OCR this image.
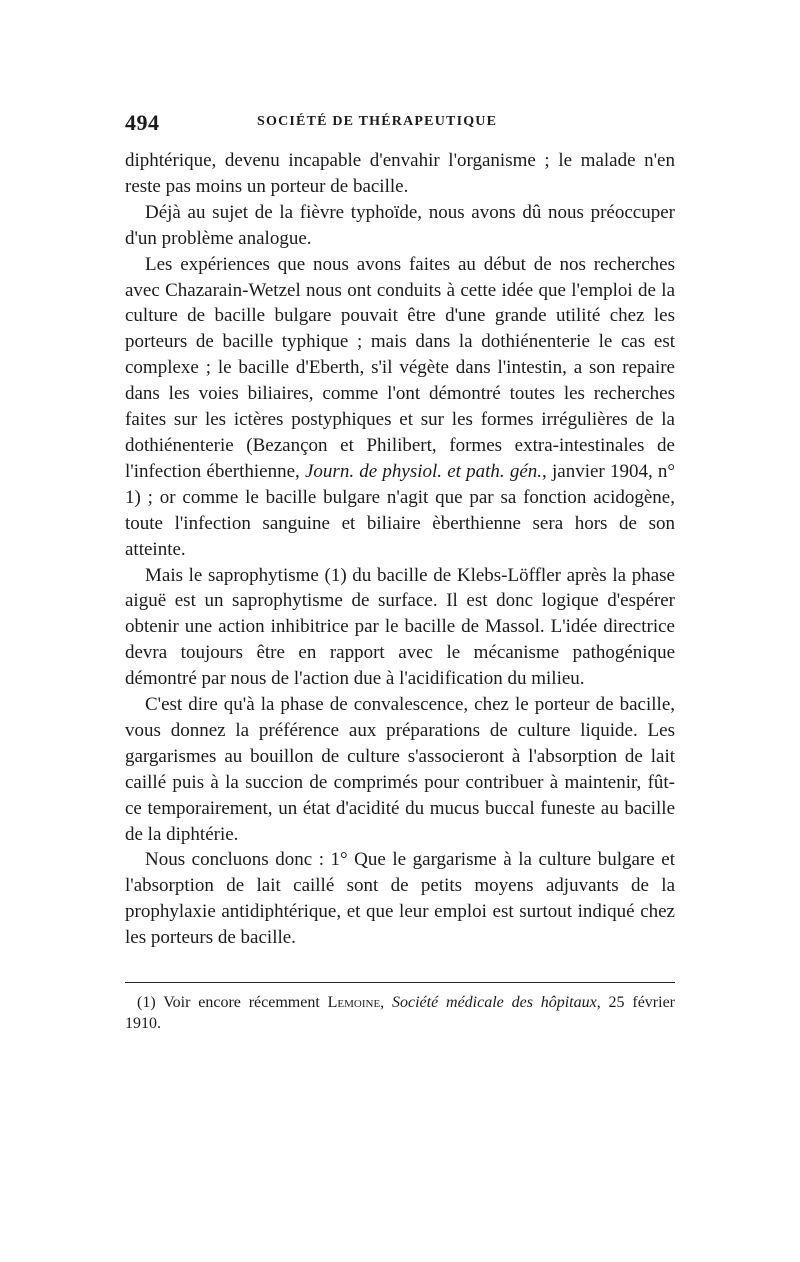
494	SOCIÉTÉ DE THÉRAPEUTIQUE

diphtérique, devenu incapable d'envahir l'organisme ; le malade n'en reste pas moins un porteur de bacille.

Déjà au sujet de la fièvre typhoïde, nous avons dû nous préoccuper d'un problème analogue.

Les expériences que nous avons faites au début de nos recherches avec Chazarain-Wetzel nous ont conduits à cette idée que l'emploi de la culture de bacille bulgare pouvait être d'une grande utilité chez les porteurs de bacille typhique ; mais dans la dothiénenterie le cas est complexe ; le bacille d'Eberth, s'il végète dans l'intestin, a son repaire dans les voies biliaires, comme l'ont démontré toutes les recherches faites sur les ictères postyphiques et sur les formes irrégulières de la dothiénenterie (Bezançon et Philibert, formes extra-intestinales de l'infection éberthienne, Journ. de physiol. et path. gén., janvier 1904, n° 1) ; or comme le bacille bulgare n'agit que par sa fonction acidogène, toute l'infection sanguine et biliaire èberthienne sera hors de son atteinte.

Mais le saprophytisme (1) du bacille de Klebs-Löffler après la phase aiguë est un saprophytisme de surface. Il est donc logique d'espérer obtenir une action inhibitrice par le bacille de Massol. L'idée directrice devra toujours être en rapport avec le mécanisme pathogénique démontré par nous de l'action due à l'acidification du milieu.

C'est dire qu'à la phase de convalescence, chez le porteur de bacille, vous donnez la préférence aux préparations de culture liquide. Les gargarismes au bouillon de culture s'associeront à l'absorption de lait caillé puis à la succion de comprimés pour contribuer à maintenir, fût-ce temporairement, un état d'acidité du mucus buccal funeste au bacille de la diphtérie.

Nous concluons donc : 1° Que le gargarisme à la culture bulgare et l'absorption de lait caillé sont de petits moyens adjuvants de la prophylaxie antidiphtérique, et que leur emploi est surtout indiqué chez les porteurs de bacille.

(1) Voir encore récemment Lemoine, Société médicale des hôpitaux, 25 février 1910.
